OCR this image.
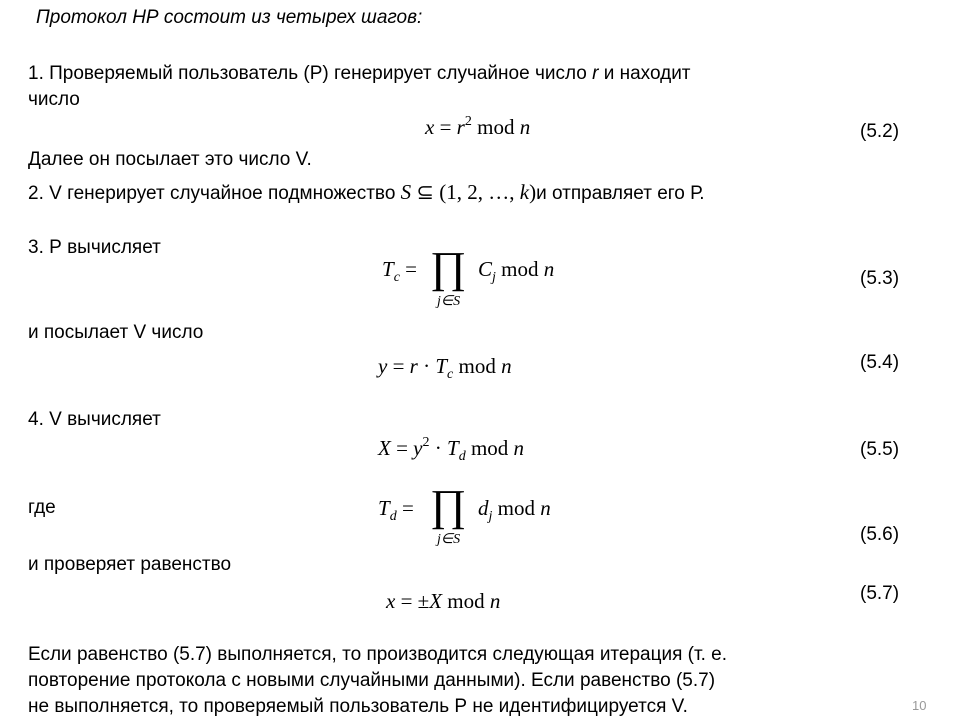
Протокол НР состоит из четырех шагов:
1. Проверяемый пользователь (Р) генерирует случайное число r и находит
число
$x = r^2$ mod n	(5.2)
Далее он посылает это число V.
2. V генерирует случайное подмножество S ⊆ (1, 2, …, k)и отправляет его Р.
3. Р вычисляет
$T_c$ = ∏
j∈S
$C_j$ mod n	(5.3)
и посылает V число
$y = r \cdot T_c$ mod n	(5.4)
4. V вычисляет
$X = y^2 \cdot T_d$ mod n	(5.5)
где	$T_d$ = ∏
j∈S
$d_j$ mod n
(5.6)
и проверяет равенство
x = ±X mod n	(5.7)
Если равенство (5.7) выполняется, то производится следующая итерация (т. е.
повторение протокола с новыми случайными данными). Если равенство (5.7)
не выполняется, то проверяемый пользователь Р не идентифицируется V.	10
